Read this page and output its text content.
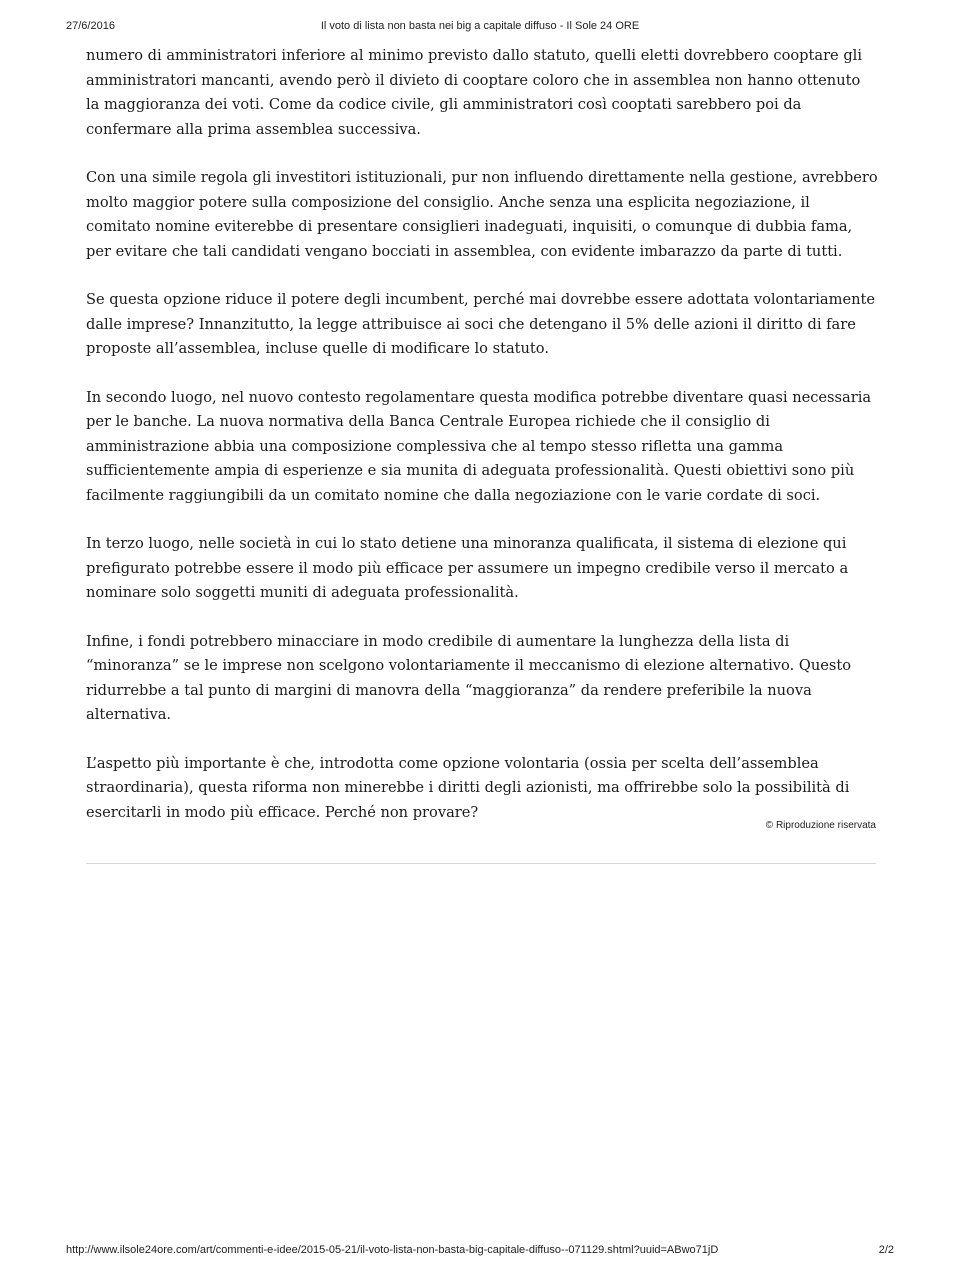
27/6/2016	Il voto di lista non basta nei big a capitale diffuso - Il Sole 24 ORE

numero di amministratori inferiore al minimo previsto dallo statuto, quelli eletti dovrebbero cooptare gli amministratori mancanti, avendo però il divieto di cooptare coloro che in assemblea non hanno ottenuto la maggioranza dei voti. Come da codice civile, gli amministratori così cooptati sarebbero poi da confermare alla prima assemblea successiva.

Con una simile regola gli investitori istituzionali, pur non influendo direttamente nella gestione, avrebbero molto maggior potere sulla composizione del consiglio. Anche senza una esplicita negoziazione, il comitato nomine eviterebbe di presentare consiglieri inadeguati, inquisiti, o comunque di dubbia fama, per evitare che tali candidati vengano bocciati in assemblea, con evidente imbarazzo da parte di tutti.

Se questa opzione riduce il potere degli incumbent, perché mai dovrebbe essere adottata volontariamente dalle imprese? Innanzitutto, la legge attribuisce ai soci che detengano il 5% delle azioni il diritto di fare proposte all’assemblea, incluse quelle di modificare lo statuto.

In secondo luogo, nel nuovo contesto regolamentare questa modifica potrebbe diventare quasi necessaria per le banche. La nuova normativa della Banca Centrale Europea richiede che il consiglio di amministrazione abbia una composizione complessiva che al tempo stesso rifletta una gamma sufficientemente ampia di esperienze e sia munita di adeguata professionalità. Questi obiettivi sono più facilmente raggiungibili da un comitato nomine che dalla negoziazione con le varie cordate di soci.

In terzo luogo, nelle società in cui lo stato detiene una minoranza qualificata, il sistema di elezione qui prefigurato potrebbe essere il modo più efficace per assumere un impegno credibile verso il mercato a nominare solo soggetti muniti di adeguata professionalità.

Infine, i fondi potrebbero minacciare in modo credibile di aumentare la lunghezza della lista di “minoranza” se le imprese non scelgono volontariamente il meccanismo di elezione alternativo. Questo ridurrebbe a tal punto di margini di manovra della “maggioranza” da rendere preferibile la nuova alternativa.

L’aspetto più importante è che, introdotta come opzione volontaria (ossia per scelta dell’assemblea straordinaria), questa riforma non minerebbe i diritti degli azionisti, ma offrirebbe solo la possibilità di esercitarli in modo più efficace. Perché non provare?

© Riproduzione riservata
http://www.ilsole24ore.com/art/commenti-e-idee/2015-05-21/il-voto-lista-non-basta-big-capitale-diffuso--071129.shtml?uuid=ABwo71jD	2/2
